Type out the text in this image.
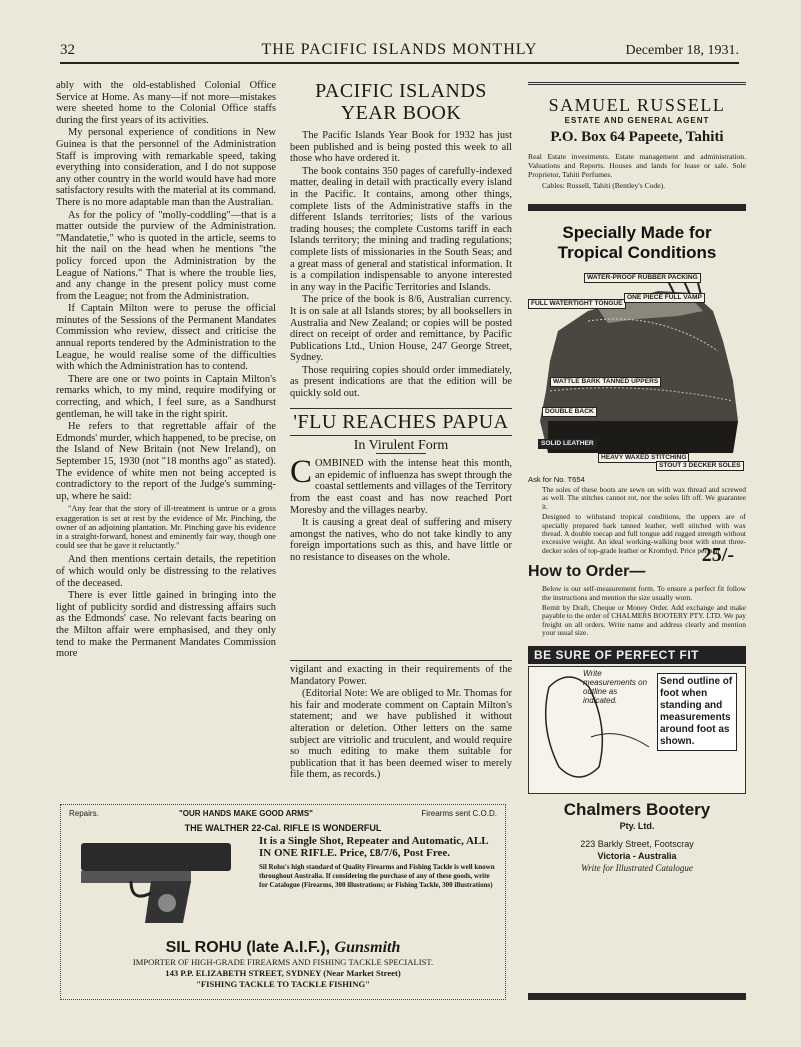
32	THE PACIFIC ISLANDS MONTHLY	December 18, 1931.

ably with the old-established Colonial Office Service at Home. As many—if not more—mistakes were sheeted home to the Colonial Office staffs during the first years of its activities.

My personal experience of conditions in New Guinea is that the personnel of the Administration Staff is improving with remarkable speed, taking everything into consideration, and I do not suppose any other country in the world would have had more satisfactory results with the material at its command. There is no more adaptable man than the Australian.

As for the policy of "molly-coddling"—that is a matter outside the purview of the Administration. "Mandatetie," who is quoted in the article, seems to hit the nail on the head when he mentions "the policy forced upon the Administration by the League of Nations." That is where the trouble lies, and any change in the present policy must come from the League; not from the Administration.

If Captain Milton were to peruse the official minutes of the Sessions of the Permanent Mandates Commission who review, dissect and criticise the annual reports tendered by the Administration to the League, he would realise some of the difficulties with which the Administration has to contend.

There are one or two points in Captain Milton's remarks which, to my mind, require modifying or correcting, and which, I feel sure, as a Sandhurst gentleman, he will take in the right spirit.

He refers to that regrettable affair of the Edmonds' murder, which happened, to be precise, on the Island of New Britain (not New Ireland), on September 15, 1930 (not "18 months ago" as stated). The evidence of white men not being accepted is contradictory to the report of the Judge's summing-up, where he said:

"Any fear that the story of ill-treatment is untrue or a gross exaggeration is set at rest by the evidence of Mr. Pinching, the owner of an adjoining plantation. Mr. Pinching gave his evidence in a straight-forward, honest and eminently fair way, though one could see that he gave it reluctantly."

And then mentions certain details, the repetition of which would only be distressing to the relatives of the deceased.

There is ever little gained in bringing into the light of publicity sordid and distressing affairs such as the Edmonds' case. No relevant facts bearing on the Milton affair were emphasised, and they only tend to make the Permanent Mandates Commission more

PACIFIC ISLANDS YEAR BOOK

The Pacific Islands Year Book for 1932 has just been published and is being posted this week to all those who have ordered it.

The book contains 350 pages of carefully-indexed matter, dealing in detail with practically every island in the Pacific. It contains, among other things, complete lists of the Administrative staffs in the different Islands territories; lists of the various trading houses; the complete Customs tariff in each Islands territory; the mining and trading regulations; complete lists of missionaries in the South Seas; and a great mass of general and statistical information. It is a compilation indispensable to anyone interested in any way in the Pacific Territories and Islands.

The price of the book is 8/6, Australian currency. It is on sale at all Islands stores; by all booksellers in Australia and New Zealand; or copies will be posted direct on receipt of order and remittance, by Pacific Publications Ltd., Union House, 247 George Street, Sydney.

Those requiring copies should order immediately, as present indications are that the edition will be quickly sold out.

'FLU REACHES PAPUA
In Virulent Form

COMBINED with the intense heat this month, an epidemic of influenza has swept through the coastal settlements and villages of the Territory from the east coast and has now reached Port Moresby and the villages nearby.

It is causing a great deal of suffering and misery amongst the natives, who do not take kindly to any foreign importations such as this, and have little or no resistance to diseases on the whole.

vigilant and exacting in their requirements of the Mandatory Power.

(Editorial Note: We are obliged to Mr. Thomas for his fair and moderate comment on Captain Milton's statement; and we have published it without alteration or deletion. Other letters on the same subject are vitriolic and truculent, and would require so much editing to make them suitable for publication that it has been deemed wiser to merely file them, as records.)

SAMUEL RUSSELL
ESTATE AND GENERAL AGENT
P.O. Box 64 Papeete, Tahiti
Real Estate investments. Estate management and administration. Valuations and Reports. Houses and lands for lease or sale. Sole Proprietor, Tahiti Perfumes.
Cables: Russell, Tahiti (Bentley's Code).
Specially Made for Tropical Conditions
WATER-PROOF RUBBER PACKING
FULL WATERTIGHT TONGUE
ONE PIECE FULL VAMP
WATTLE BARK TANNED UPPERS
DOUBLE BACK
SOLID LEATHER
HEAVY WAXED STITCHING
STOUT 3 DECKER SOLES
Ask for No. T654
The soles of these boots are sewn on with wax thread and screwed as well. The stitches cannot rot, nor the soles lift off. We guarantee it.
Designed to withstand tropical conditions, the uppers are of specially prepared bark tanned leather, well stitched with wax thread. A double toecap and full tongue add rugged strength without excessive weight. An ideal working-walking boot with stout three-decker soles of top-grade leather or Kromhyd. Price per pair
25/-
How to Order—
Below is our self-measurement form. To ensure a perfect fit follow the instructions and mention the size usually worn.
Remit by Draft, Cheque or Money Order. Add exchange and make payable to the order of CHALMERS BOOTERY PTY. LTD. We pay freight on all orders. Write name and address clearly and mention your usual size.
BE SURE OF PERFECT FIT
Write measurements on outline as indicated.
Send outline of foot when standing and measurements around foot as shown.
Chalmers Bootery
Pty. Ltd.
223 Barkly Street, Footscray
Victoria - Australia
Write for Illustrated Catalogue
Repairs.	"OUR HANDS MAKE GOOD ARMS"	Firearms sent C.O.D.
THE WALTHER 22-Cal. RIFLE IS WONDERFUL
It is a Single Shot, Repeater and Automatic, ALL IN ONE RIFLE. Price, £8/7/6, Post Free.
Sil Rohu's high standard of Quality Firearms and Fishing Tackle is well known throughout Australia. If considering the purchase of any of these goods, write for Catalogue (Firearms, 300 illustrations; or Fishing Tackle, 300 illustrations)
SIL ROHU (late A.I.F.), Gunsmith
IMPORTER OF HIGH-GRADE FIREARMS AND FISHING TACKLE SPECIALIST.
143 P.P. ELIZABETH STREET, SYDNEY (Near Market Street)
"FISHING TACKLE TO TACKLE FISHING"
